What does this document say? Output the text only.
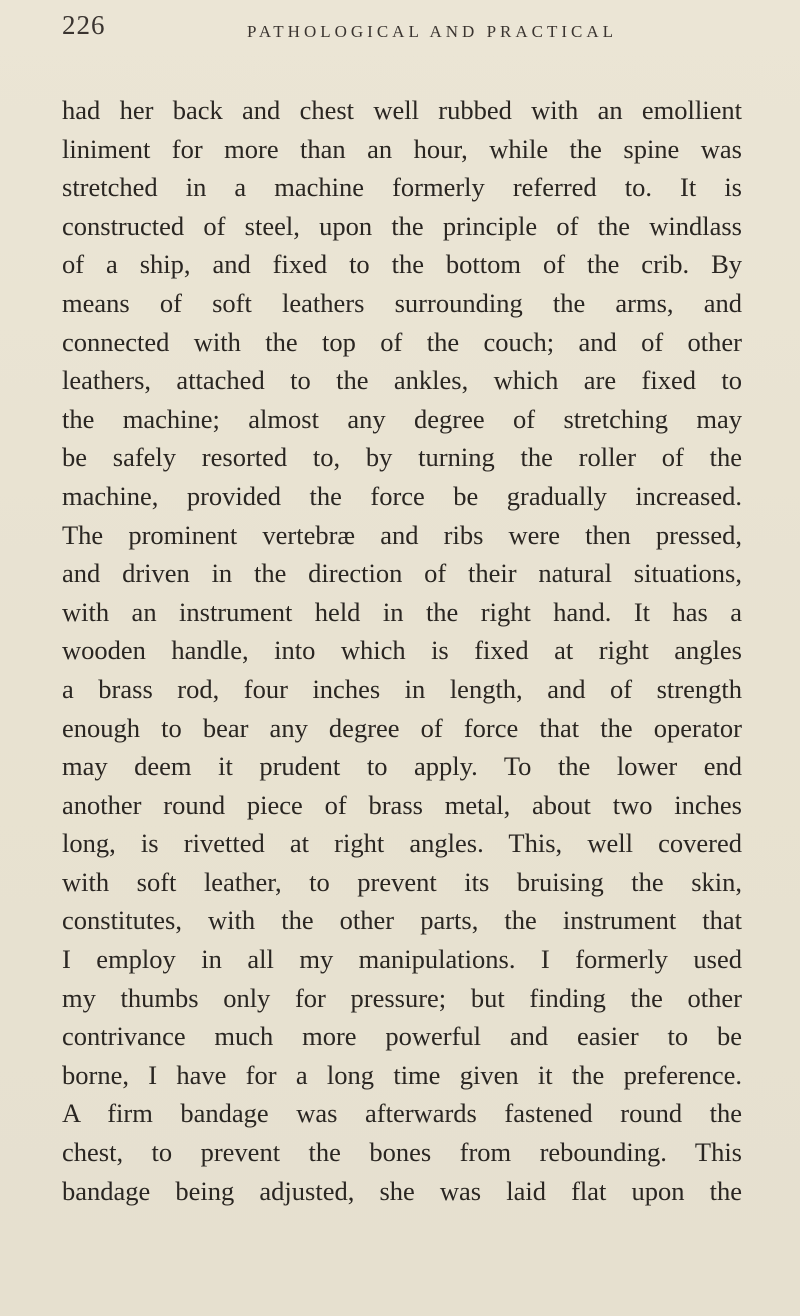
226	PATHOLOGICAL AND PRACTICAL
had her back and chest well rubbed with an emollient
liniment for more than an hour, while the spine was
stretched in a machine formerly referred to. It is
constructed of steel, upon the principle of the windlass
of a ship, and fixed to the bottom of the crib. By
means of soft leathers surrounding the arms, and
connected with the top of the couch; and of other
leathers, attached to the ankles, which are fixed to
the machine; almost any degree of stretching may
be safely resorted to, by turning the roller of the
machine, provided the force be gradually increased.
The prominent vertebræ and ribs were then pressed,
and driven in the direction of their natural situations,
with an instrument held in the right hand. It has a
wooden handle, into which is fixed at right angles
a brass rod, four inches in length, and of strength
enough to bear any degree of force that the operator
may deem it prudent to apply. To the lower end
another round piece of brass metal, about two inches
long, is rivetted at right angles. This, well covered
with soft leather, to prevent its bruising the skin,
constitutes, with the other parts, the instrument that
I employ in all my manipulations. I formerly used
my thumbs only for pressure; but finding the other
contrivance much more powerful and easier to be
borne, I have for a long time given it the preference.
A firm bandage was afterwards fastened round the
chest, to prevent the bones from rebounding. This
bandage being adjusted, she was laid flat upon the
